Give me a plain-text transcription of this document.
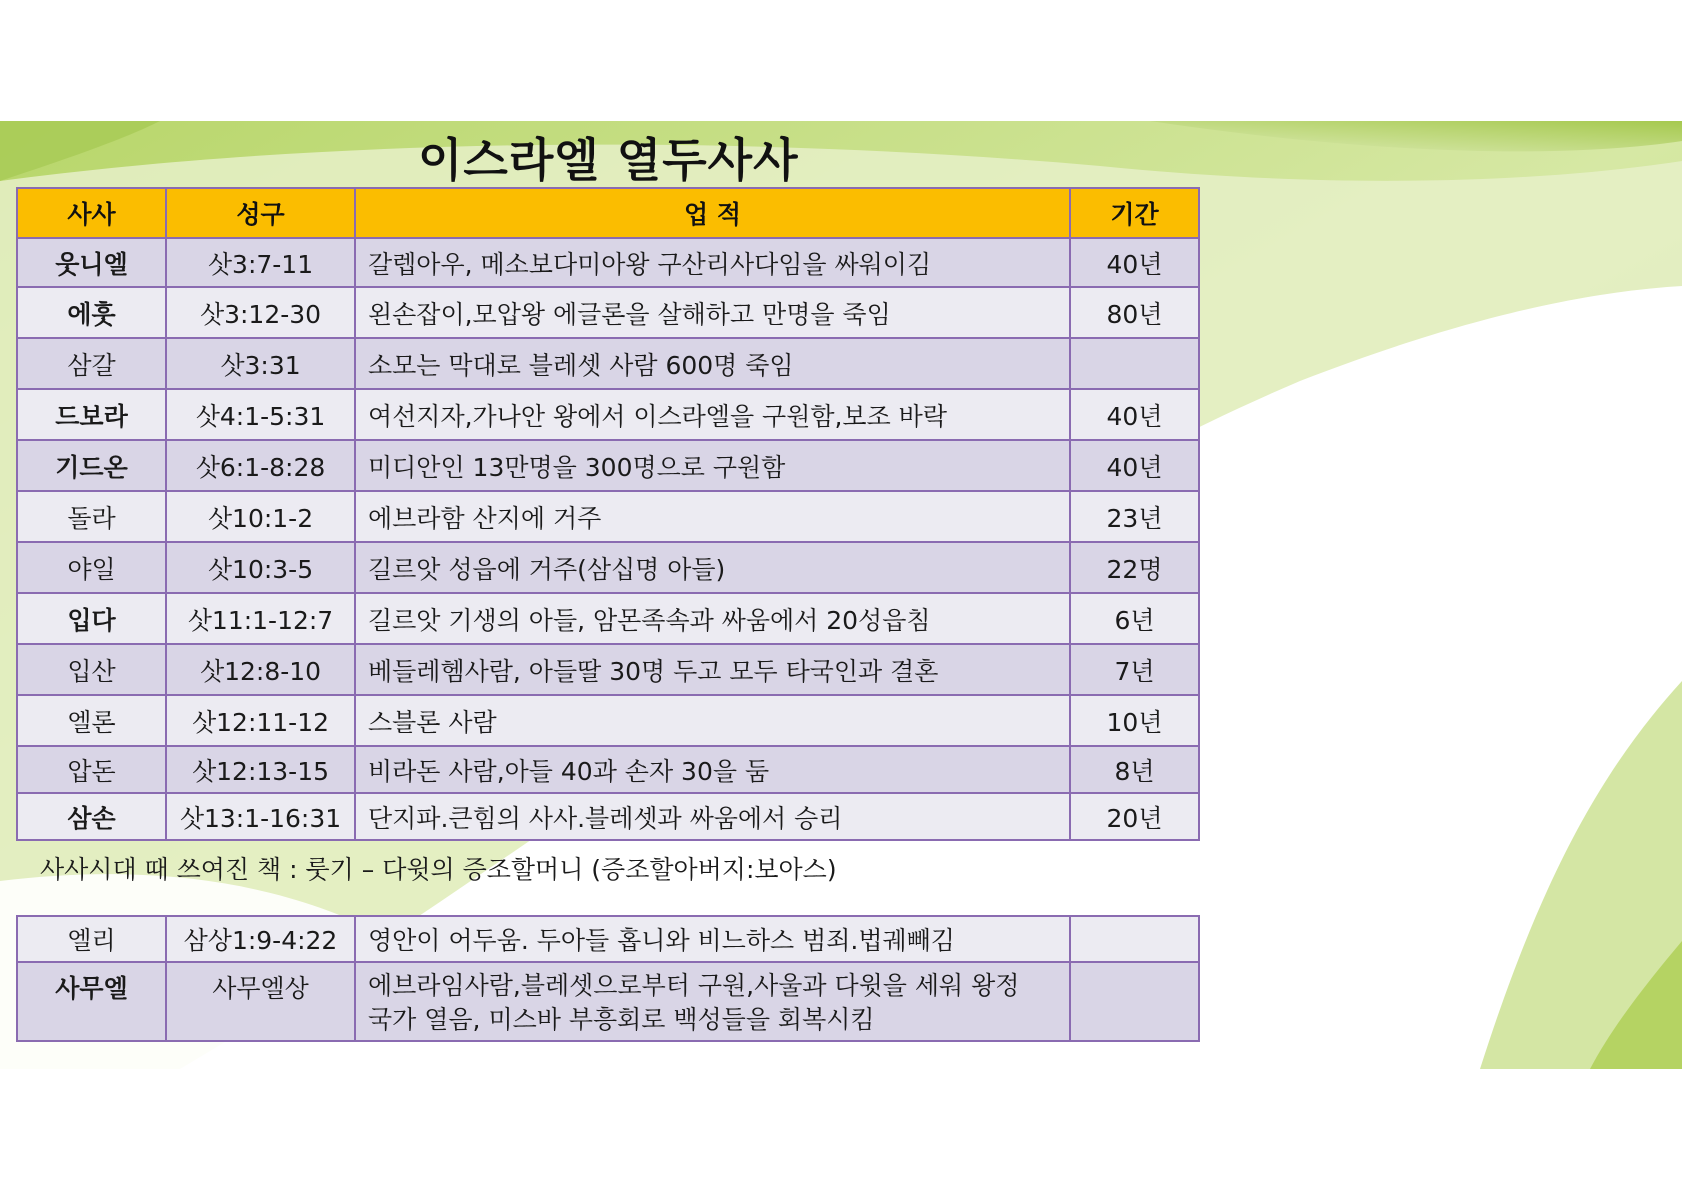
이스라엘 열두사사
사사	성구	업 적	기간
웃니엘	삿3:7-11	갈렙아우, 메소보다미아왕 구산리사다임을 싸워이김	40년
에훗	삿3:12-30	왼손잡이,모압왕 에글론을 살해하고 만명을 죽임	80년
삼갈	삿3:31	소모는 막대로 블레셋 사람 600명 죽임	
드보라	삿4:1-5:31	여선지자,가나안 왕에서 이스라엘을 구원함,보조 바락	40년
기드온	삿6:1-8:28	미디안인 13만명을 300명으로 구원함	40년
돌라	삿10:1-2	에브라함 산지에 거주	23년
야일	삿10:3-5	길르앗 성읍에 거주(삼십명 아들)	22명
입다	삿11:1-12:7	길르앗 기생의 아들, 암몬족속과 싸움에서 20성읍침	6년
입산	삿12:8-10	베들레헴사람, 아들딸 30명 두고 모두 타국인과 결혼	7년
엘론	삿12:11-12	스블론 사람	10년
압돈	삿12:13-15	비라돈 사람,아들 40과 손자 30을 둠	8년
삼손	삿13:1-16:31	단지파.큰힘의 사사.블레셋과 싸움에서 승리	20년
사사시대 때 쓰여진 책 : 룻기 – 다윗의 증조할머니 (증조할아버지:보아스)
엘리	삼상1:9-4:22	영안이 어두움. 두아들 홉니와 비느하스 범죄.법궤빼김	
사무엘	사무엘상	에브라임사람,블레셋으로부터 구원,사울과 다윗을 세워 왕정국가 열음, 미스바 부흥회로 백성들을 회복시킴	
